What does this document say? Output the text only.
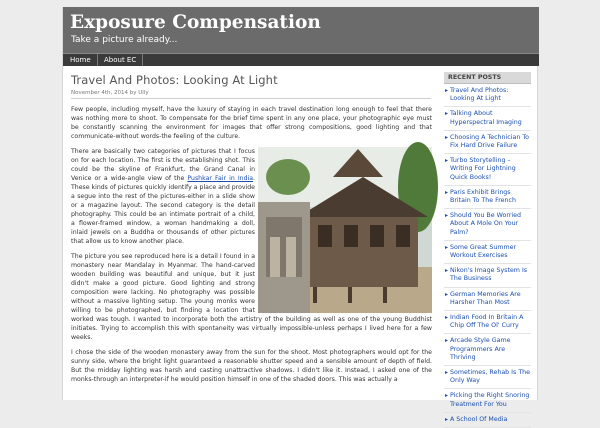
Exposure Compensation
Take a picture already...
Home	About EC
Travel And Photos: Looking At Light
November 4th, 2014 by Ully

Few people, including myself, have the luxury of staying in each travel destination long enough to feel that there was nothing more to shoot. To compensate for the brief time spent in any one place, your photographic eye must be constantly scanning the environment for images that offer strong compositions, good lighting and that communicate-without words-the feeling of the culture.

There are basically two categories of pictures that I focus on for each location. The first is the establishing shot. This could be the skyline of Frankfurt, the Grand Canal in Venice or a wide-angle view of the Pushkar Fair in India. These kinds of pictures quickly identify a place and provide a segue into the rest of the pictures-either in a slide show or a magazine layout. The second category is the detail photography. This could be an intimate portrait of a child, a flower-framed window, a woman handmaking a doll, inlaid jewels on a Buddha or thousands of other pictures that allow us to know another place.

The picture you see reproduced here is a detail I found in a monastery near Mandalay in Myanmar. The hand-carved wooden building was beautiful and unique, but it just didn't make a good picture. Good lighting and strong composition were lacking. No photography was possible without a massive lighting setup. The young monks were willing to be photographed, but finding a location that worked was tough. I wanted to incorporate both the artistry of the building as well as one of the young Buddhist initiates. Trying to accomplish this with spontaneity was virtually impossible-unless perhaps I lived here for a few weeks.

I chose the side of the wooden monastery away from the sun for the shoot. Most photographers would opt for the sunny side, where the bright light guaranteed a reasonable shutter speed and a sensible amount of depth of field. But the midday lighting was harsh and casting unattractive shadows. I didn't like it. Instead, I asked one of the monks-through an interpreter-if he would position himself in one of the shaded doors. This was actually a

RECENT POSTS
▸ Travel And Photos: Looking At Light
▸ Talking About Hyperspectral Imaging
▸ Choosing A Technician To Fix Hard Drive Failure
▸ Turbo Storytelling – Writing For Lightning Quick Books!
▸ Paris Exhibit Brings Britain To The French
▸ Should You Be Worried About A Mole On Your Palm?
▸ Some Great Summer Workout Exercises
▸ Nikon's Image System Is The Business
▸ German Memories Are Harsher Than Most
▸ Indian Food In Britain A Chip Off The Ol' Curry
▸ Arcade Style Game Programmers Are Thriving
▸ Sometimes, Rehab Is The Only Way
▸ Picking the Right Snoring Treatment For You
▸ A School Of Media
